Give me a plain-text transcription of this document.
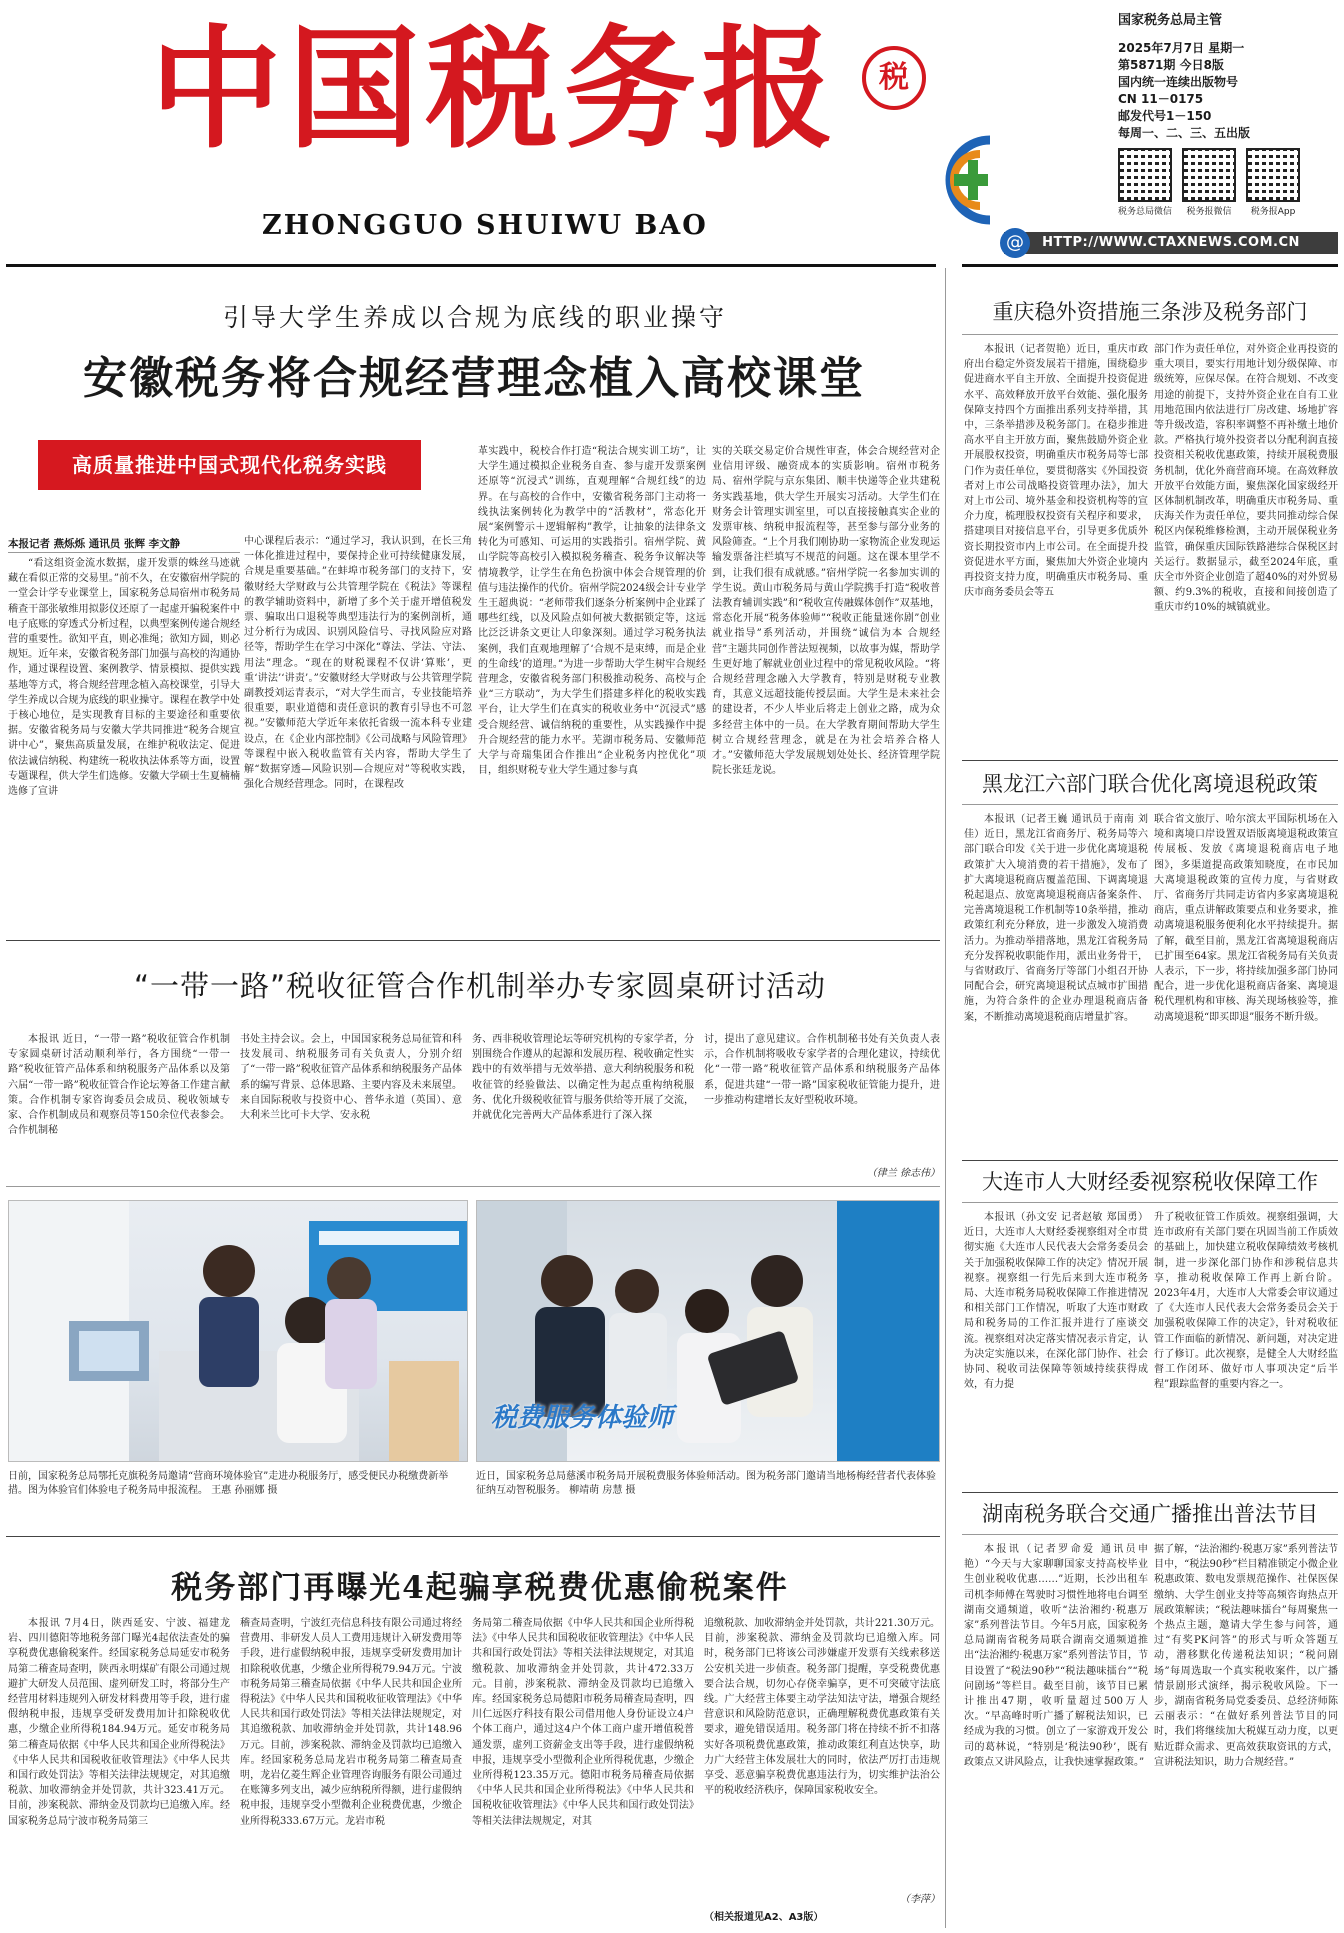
中国税务报
ZHONGGUO SHUIWU BAO
税
国家税务总局主管
2025年7月7日 星期一
第5871期 今日8版
国内统一连续出版物号
CN 11－0175
邮发代号1－150
每周一、二、三、五出版
税务总局微信	税务报微信	税务报App
HTTP://WWW.CTAXNEWS.COM.CN
@
引导大学生养成以合规为底线的职业操守
安徽税务将合规经营理念植入高校课堂
高质量推进中国式现代化税务实践
本报记者 燕烁烁 通讯员 张辉 李文静

“看这组资金流水数据，虚开发票的蛛丝马迹就藏在看似正常的交易里。”前不久，在安徽宿州学院的一堂会计学专业课堂上，国家税务总局宿州市税务局稽查干部张敏维用拟影仪还原了一起虚开骗税案件中电子底账的穿透式分析过程，以典型案例传递合规经营的重要性。欲知平直，则必准绳；欲知方圆，则必规矩。近年来，安徽省税务部门加强与高校的沟通协作，通过课程设置、案例教学、情景模拟、提供实践基地等方式，将合规经营理念植入高校课堂，引导大学生养成以合规为底线的职业操守。课程在教学中处于核心地位，是实现教育目标的主要途径和重要依据。安徽省税务局与安徽大学共同推进“税务合规宣讲中心”，聚焦高质量发展，在维护税收法定、促进依法诚信纳税、构建统一税收执法体系等方面，设置专题课程，供大学生们选修。安徽大学硕士生夏楠楠选修了宣讲

中心课程后表示：“通过学习，我认识到，在长三角一体化推进过程中，要保持企业可持续健康发展，合规是重要基础。”在蚌埠市税务部门的支持下，安徽财经大学财政与公共管理学院在《税法》等课程的教学辅助资料中，新增了多个关于虚开增值税发票、骗取出口退税等典型违法行为的案例剖析，通过分析行为成因、识别风险信号、寻找风险应对路径等，帮助学生在学习中深化“尊法、学法、守法、用法”理念。“现在的财税课程不仅讲‘算账’，更重‘讲法’‘讲责’。”安徽财经大学财政与公共管理学院副教授刘运青表示，“对大学生而言，专业技能培养很重要，职业道德和责任意识的教育引导也不可忽视。”安徽师范大学近年来依托省级一流本科专业建设点，在《企业内部控制》《公司战略与风险管理》等课程中嵌入税收监管有关内容，帮助大学生了解“数据穿透—风险识别—合规应对”等税收实践，强化合规经营理念。同时，在课程改

革实践中，税校合作打造“税法合规实训工坊”，让大学生通过模拟企业税务自查、参与虚开发票案例还原等“沉浸式”训练，直观理解“合规红线”的边界。在与高校的合作中，安徽省税务部门主动将一线执法案例转化为教学中的“活教材”，常态化开展“案例警示＋逻辑解构”教学，让抽象的法律条文转化为可感知、可运用的实践指引。宿州学院、黄山学院等高校引入模拟税务稽查、税务争议解决等情境教学，让学生在角色扮演中体会合规管理的价值与违法操作的代价。宿州学院2024级会计专业学生王超典说：“老师带我们逐条分析案例中企业踩了哪些红线，以及风险点如何被大数据锁定等，这远比泛泛讲条文更让人印象深刻。通过学习税务执法案例，我们直观地理解了‘合规不是束缚，而是企业的生命线’的道理。”为进一步帮助大学生树牢合规经营理念，安徽省税务部门积极推动税务、高校与企业“三方联动”，为大学生们搭建多样化的税收实践平台，让大学生们在真实的税收业务中“沉浸式”感受合规经营、诚信纳税的重要性，从实践操作中提升合规经营的能力水平。芜湖市税务局、安徽师范大学与奇瑞集团合作推出“企业税务内控优化”项目，组织财税专业大学生通过参与真

实的关联交易定价合规性审查，体会合规经营对企业信用评级、融资成本的实质影响。宿州市税务局、宿州学院与京东集团、顺丰快递等企业共建税务实践基地，供大学生开展实习活动。大学生们在财务会计管理实训室里，可以直接接触真实企业的发票审核、纳税申报流程等，甚至参与部分业务的风险筛查。“上个月我们刚协助一家物流企业发现运输发票备注栏填写不规范的问题。这在课本里学不到，让我们很有成就感。”宿州学院一名参加实训的学生说。黄山市税务局与黄山学院携手打造“税收普法教育辅训实践”和“税收宣传融媒体创作”双基地，常态化开展“税务体验师”“税收正能量迷你剧”创业就业指导”系列活动，并围绕“诚信为本 合规经营”主题共同创作普法短视频，以故事为媒，帮助学生更好地了解就业创业过程中的常见税收风险。“将合规经营理念融入大学教育，特别是财税专业教育，其意义远超技能传授层面。大学生是未来社会的建设者，不少人毕业后将走上创业之路，成为众多经营主体中的一员。在大学教育期间帮助大学生树立合规经营理念，就是在为社会培养合格人才。”安徽师范大学发展规划处处长、经济管理学院院长张廷龙说。

“一带一路”税收征管合作机制举办专家圆桌研讨活动

本报讯 近日，“一带一路”税收征管合作机制专家圆桌研讨活动顺利举行，各方围绕“一带一路”税收征管产品体系和纳税服务产品体系以及第六届“一带一路”税收征管合作论坛筹备工作建言献策。合作机制专家咨询委员会成员、税收领域专家、合作机制成员和观察员等150余位代表参会。合作机制秘

书处主持会议。会上，中国国家税务总局征管和科技发展司、纳税服务司有关负责人，分别介绍了“一带一路”税收征管产品体系和纳税服务产品体系的编写背景、总体思路、主要内容及未来展望。来自国际税收与投资中心、普华永道（英国）、意大利米兰比可卡大学、安永税

务、西非税收管理论坛等研究机构的专家学者，分别围绕合作遵从的起源和发展历程、税收确定性实践中的有效举措与无效举措、意大利纳税服务和税收征管的经验做法、以确定性为起点重构纳税服务、优化升级税收征管与服务供给等开展了交流，并就优化完善两大产品体系进行了深入探

讨，提出了意见建议。合作机制秘书处有关负责人表示，合作机制将吸收专家学者的合理化建议，持续优化“一带一路”税收征管产品体系和纳税服务产品体系，促进共建“一带一路”国家税收征管能力提升，进一步推动构建增长友好型税收环境。

（律兰 徐志伟）
税费服务体验师
日前，国家税务总局鄂托克旗税务局邀请“营商环境体验官”走进办税服务厅，感受便民办税缴费新举措。图为体验官们体验电子税务局申报流程。 王惠 孙丽娜 摄
近日，国家税务总局慈溪市税务局开展税费服务体验师活动。图为税务部门邀请当地杨梅经营者代表体验征纳互动智税服务。 柳靖萌 房慧 摄
税务部门再曝光4起骗享税费优惠偷税案件

本报讯 7月4日，陕西延安、宁波、福建龙岩、四川德阳等地税务部门曝光4起依法查处的骗享税费优惠偷税案件。经国家税务总局延安市税务局第二稽查局查明，陕西永明煤矿有限公司通过规避扩大研发人员范围、虚列研发工时，将部分生产经营用材料违规列入研发材料费用等手段，进行虚假纳税申报，违规享受研发费用加计扣除税收优惠，少缴企业所得税184.94万元。延安市税务局第二稽查局依据《中华人民共和国企业所得税法》《中华人民共和国税收征收管理法》《中华人民共和国行政处罚法》等相关法律法规规定，对其追缴税款、加收滞纳金并处罚款，共计323.41万元。目前，涉案税款、滞纳金及罚款均已追缴入库。经国家税务总局宁波市税务局第三

稽查局查明，宁波红壳信息科技有限公司通过将经营费用、非研发人员人工费用违规计入研发费用等手段，进行虚假纳税申报，违规享受研发费用加计扣除税收优惠，少缴企业所得税79.94万元。宁波市税务局第三稽查局依据《中华人民共和国企业所得税法》《中华人民共和国税收征收管理法》《中华人民共和国行政处罚法》等相关法律法规规定，对其追缴税款、加收滞纳金并处罚款，共计148.96万元。目前，涉案税款、滞纳金及罚款均已追缴入库。经国家税务总局龙岩市税务局第二稽查局查明，龙岩亿菱生辉企业管理咨询服务有限公司通过在账簿多列支出，减少应纳税所得额，进行虚假纳税申报，违规享受小型微利企业税费优惠，少缴企业所得税333.67万元。龙岩市税

务局第二稽查局依据《中华人民共和国企业所得税法》《中华人民共和国税收征收管理法》《中华人民共和国行政处罚法》等相关法律法规规定，对其追缴税款、加收滞纳金并处罚款，共计472.33万元。目前，涉案税款、滞纳金及罚款均已追缴入库。经国家税务总局德阳市税务局稽查局查明，四川仁远医疗科技有限公司借用他人身份证设立4户个体工商户，通过这4户个体工商户虚开增值税普通发票，虚列工资薪金支出等手段，进行虚假纳税申报，违规享受小型微利企业所得税优惠，少缴企业所得税123.35万元。德阳市税务局稽查局依据《中华人民共和国企业所得税法》《中华人民共和国税收征收管理法》《中华人民共和国行政处罚法》等相关法律法规规定，对其

追缴税款、加收滞纳金并处罚款，共计221.30万元。目前，涉案税款、滞纳金及罚款均已追缴入库。同时，税务部门已将该公司涉嫌虚开发票有关线索移送公安机关进一步侦查。税务部门提醒，享受税费优惠要合法合规，切勿心存侥幸骗享，更不可突破守法底线。广大经营主体要主动学法知法守法，增强合规经营意识和风险防范意识，正确理解税费优惠政策有关要求，避免错误适用。税务部门将在持续不折不扣落实好各项税费优惠政策，推动政策红利直达快享，助力广大经营主体发展壮大的同时，依法严厉打击违规享受、恶意骗享税费优惠违法行为，切实维护法治公平的税收经济秩序，保障国家税收安全。

（李萍）
（相关报道见A2、A3版）
重庆稳外资措施三条涉及税务部门

本报讯（记者贺艳）近日，重庆市政府出台稳定外资发展若干措施，围绕稳步促进商水平自主开放、全面提升投资促进水平、高效释放开放平台效能、强化服务保障支持四个方面推出系列支持举措，其中，三条举措涉及税务部门。在稳步推进高水平自主开放方面，聚焦鼓励外资企业开展股权投资，明确重庆市税务局等七部门作为责任单位，要贯彻落实《外国投资者对上市公司战略投资管理办法》，加大对上市公司、境外基金和投资机构等的宣介力度，梳理股权投资有关程序和要求，搭建项目对接信息平台，引导更多优质外资长期投资市内上市公司。在全面提升投资促进水平方面，聚焦加大外资企业境内再投资支持力度，明确重庆市税务局、重庆市商务委员会等五

部门作为责任单位，对外资企业再投资的重大项目，要实行用地计划分级保障、市级统筹，应保尽保。在符合规划、不改变用途的前提下，支持外资企业在自有工业用地范围内依法进行厂房改建、场地扩容等升级改造，容积率调整不再补缴土地价款。严格执行境外投资者以分配利润直接投资相关税收优惠政策，持续开展税费服务机制，优化外商营商环境。在高效释放开放平台效能方面，聚焦深化国家级经开区体制机制改革，明确重庆市税务局、重庆海关作为责任单位，要共同推动综合保税区内保税维修检测，主动开展保税业务监管，确保重庆国际铁路港综合保税区封关运行。数据显示，截至2024年底，重庆全市外资企业创造了超40%的对外贸易额、约9.3%的税收，直接和间接创造了重庆市约10%的城镇就业。

黑龙江六部门联合优化离境退税政策

本报讯（记者王巍 通讯员于南南 刘佳）近日，黑龙江省商务厅、税务局等六部门联合印发《关于进一步优化离境退税政策扩大入境消费的若干措施》，发布了扩大离境退税商店覆盖范围、下调离境退税起退点、放宽离境退税商店备案条件、完善离境退税工作机制等10条举措，推动政策红利充分释放，进一步激发入境消费活力。为推动举措落地，黑龙江省税务局充分发挥税收职能作用，派出业务骨干，与省财政厅、省商务厅等部门小组召开协同配合会，研究离境退税试点城市扩围措施，为符合条件的企业办理退税商店备案，不断推动离境退税商店增量扩容。

联合省文旅厅、哈尔滨太平国际机场在入境和离境口岸设置双语版离境退税政策宣传展板、发放《离境退税商店电子地图》，多渠道提高政策知晓度，在市民加大离境退税政策的宣传力度，与省财政厅、省商务厅共同走访省内多家离境退税商店，重点讲解政策要点和业务要求，推动离境退税服务便利化水平持续提升。据了解，截至目前，黑龙江省离境退税商店已扩围至64家。黑龙江省税务局有关负责人表示，下一步，将持续加强多部门协同配合，进一步优化退税商店备案、离境退税代理机构和审核、海关现场核验等，推动离境退税“即买即退”服务不断升级。

大连市人大财经委视察税收保障工作

本报讯（孙文安 记者赵敏 郑国勇）近日，大连市人大财经委视察组对全市贯彻实施《大连市人民代表大会常务委员会关于加强税收保障工作的决定》情况开展视察。视察组一行先后来到大连市税务局、大连市税务局税收保障工作推进情况和相关部门工作情况，听取了大连市财政局和税务局的工作汇报并进行了座谈交流。视察组对决定落实情况表示肯定，认为决定实施以来，在深化部门协作、社会协同、税收司法保障等领域持续获得成效，有力提

升了税收征管工作质效。视察组强调，大连市政府有关部门要在巩固当前工作质效的基础上，加快建立税收保障绩效考核机制，进一步深化部门协作和涉税信息共享，推动税收保障工作再上新台阶。2023年4月，大连市人大常委会审议通过了《大连市人民代表大会常务委员会关于加强税收保障工作的决定》，针对税收征管工作面临的新情况、新问题，对决定进行了修订。此次视察，是健全人大财经监督工作闭环、做好市人事项决定“后半程”跟踪监督的重要内容之一。

湖南税务联合交通广播推出普法节目

本报讯（记者罗命爱 通讯员申艳）“今天与大家聊聊国家支持高校毕业生创业税收优惠……”近期，长沙出租车司机李师傅在驾驶时习惯性地将电台调至湖南交通频道，收听“法治湘约·税惠万家”系列普法节目。今年5月底，国家税务总局湖南省税务局联合湖南交通频道推出“法治湘约·税惠万家”系列普法节目，节目设置了“税法90秒”“税法趣味擂台”“税问剧场”等栏目。截至目前，该节目已累计推出47期，收听量超过500万人次。“早高峰时听广播了解税法知识，已经成为我的习惯。创立了一家游戏开发公司的葛林说，“特别是‘税法90秒’，既有政策点又讲风险点，让我快速掌握政策。”

据了解，“法治湘约·税惠万家”系列普法节目中，“税法90秒”栏目精准锁定小微企业税惠政策、数电发票规范操作、社保医保缴纳、大学生创业支持等高频咨询热点开展政策解读；“税法趣味擂台”每周聚焦一个热点主题，邀请大学生参与问答，通过“有奖PK问答”的形式与听众答题互动，潜移默化传递税法知识；“税问剧场”每周选取一个真实税收案件，以广播情景剧形式演绎，揭示税收风险。下一步，湖南省税务局党委委员、总经济师陈云丽表示：“在做好系列普法节目的同时，我们将继续加大税媒互动力度，以更贴近群众需求、更高效获取资讯的方式，宣讲税法知识，助力合规经营。”
